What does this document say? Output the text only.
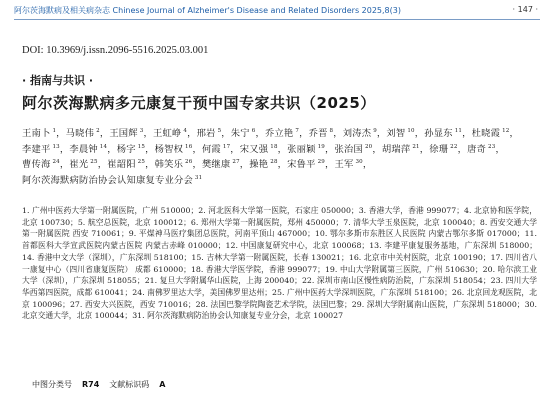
阿尔茨海默病及相关病杂志 Chinese Journal of Alzheimer's Disease and Related Disorders 2025,8(3)	· 147 ·
DOI: 10.3969/j.issn.2096-5516.2025.03.001
· 指南与共识 ·
阿尔茨海默病多元康复干预中国专家共识（2025）
王南卜 $^1$，马晓伟 $^2$，王国辉 $^3$，王虹峥 $^4$，邢岩 $^5$，朱宁 $^6$，乔立艳 $^7$，乔晋 $^8$，刘涛杰 $^9$，刘智 $^{10}$，孙显东 $^{11}$，杜晓霞 $^{12}$，李建平 $^{13}$，李晨钟 $^{14}$，杨字 $^{15}$，杨智权 $^{16}$，何霞 $^{17}$，宋又强 $^{18}$，张丽颖 $^{19}$，张治国 $^{20}$，胡瑞萍 $^{21}$，徐珊 $^{22}$，唐奇 $^{23}$，曹传海 $^{24}$，崔光 $^{25}$，崔韶阳 $^{25}$，韩笑乐 $^{26}$，樊继康 $^{27}$，操艳 $^{28}$，宋鲁平 $^{29}$，王军 $^{30}$，阿尔茨海默病防治协会认知康复专业分会 $^{31}$
1. 广州中医药大学第一附属医院，广州 510000；2. 河北医科大学第一医院，石家庄 050000；3. 香港大学，香港 999077；4. 北京协和医学院，北京 100730；5. 航空总医院，北京 100012；6. 郑州大学第一附属医院，郑州 450000；7. 清华大学玉泉医院，北京 100040；8. 西安交通大学第一附属医院 西安 710061；9. 平煤神马医疗集团总医院，河南平顶山 467000；10. 鄂尔多斯市东胜区人民医院 内蒙古鄂尔多斯 017000；11. 首都医科大学宣武医院内蒙古医院 内蒙古赤峰 010000；12. 中国康复研究中心，北京 100068；13. 李建平康复服务基地，广东深圳 518000；14. 香港中文大学（深圳），广东深圳 518100；15. 吉林大学第一附属医院，长春 130021；16. 北京市中关村医院，北京 100190；17. 四川省八一康复中心（四川省康复医院） 成都 610000；18. 香港大学医学院，香港 999077；19. 中山大学附属第三医院，广州 510630；20. 哈尔滨工业大学（深圳），广东深圳 518055；21. 复旦大学附属华山医院，上海 200040；22. 深圳市南山区慢性病防治院，广东深圳 518054；23. 四川大学华西第四医院，成都 610041；24. 南佛罗里达大学，美国佛罗里达州；25. 广州中医药大学深圳医院，广东深圳 518100；26. 北京回龙观医院，北京 100096；27. 西安大兴医院，西安 710016；28. 法国巴黎学院陶瓷艺术学院，法国巴黎；29. 深圳大学附属南山医院，广东深圳 518000；30. 北京交通大学，北京 100044；31. 阿尔茨海默病防治协会认知康复专业分会，北京 100027
中图分类号 R74 文献标识码 A
